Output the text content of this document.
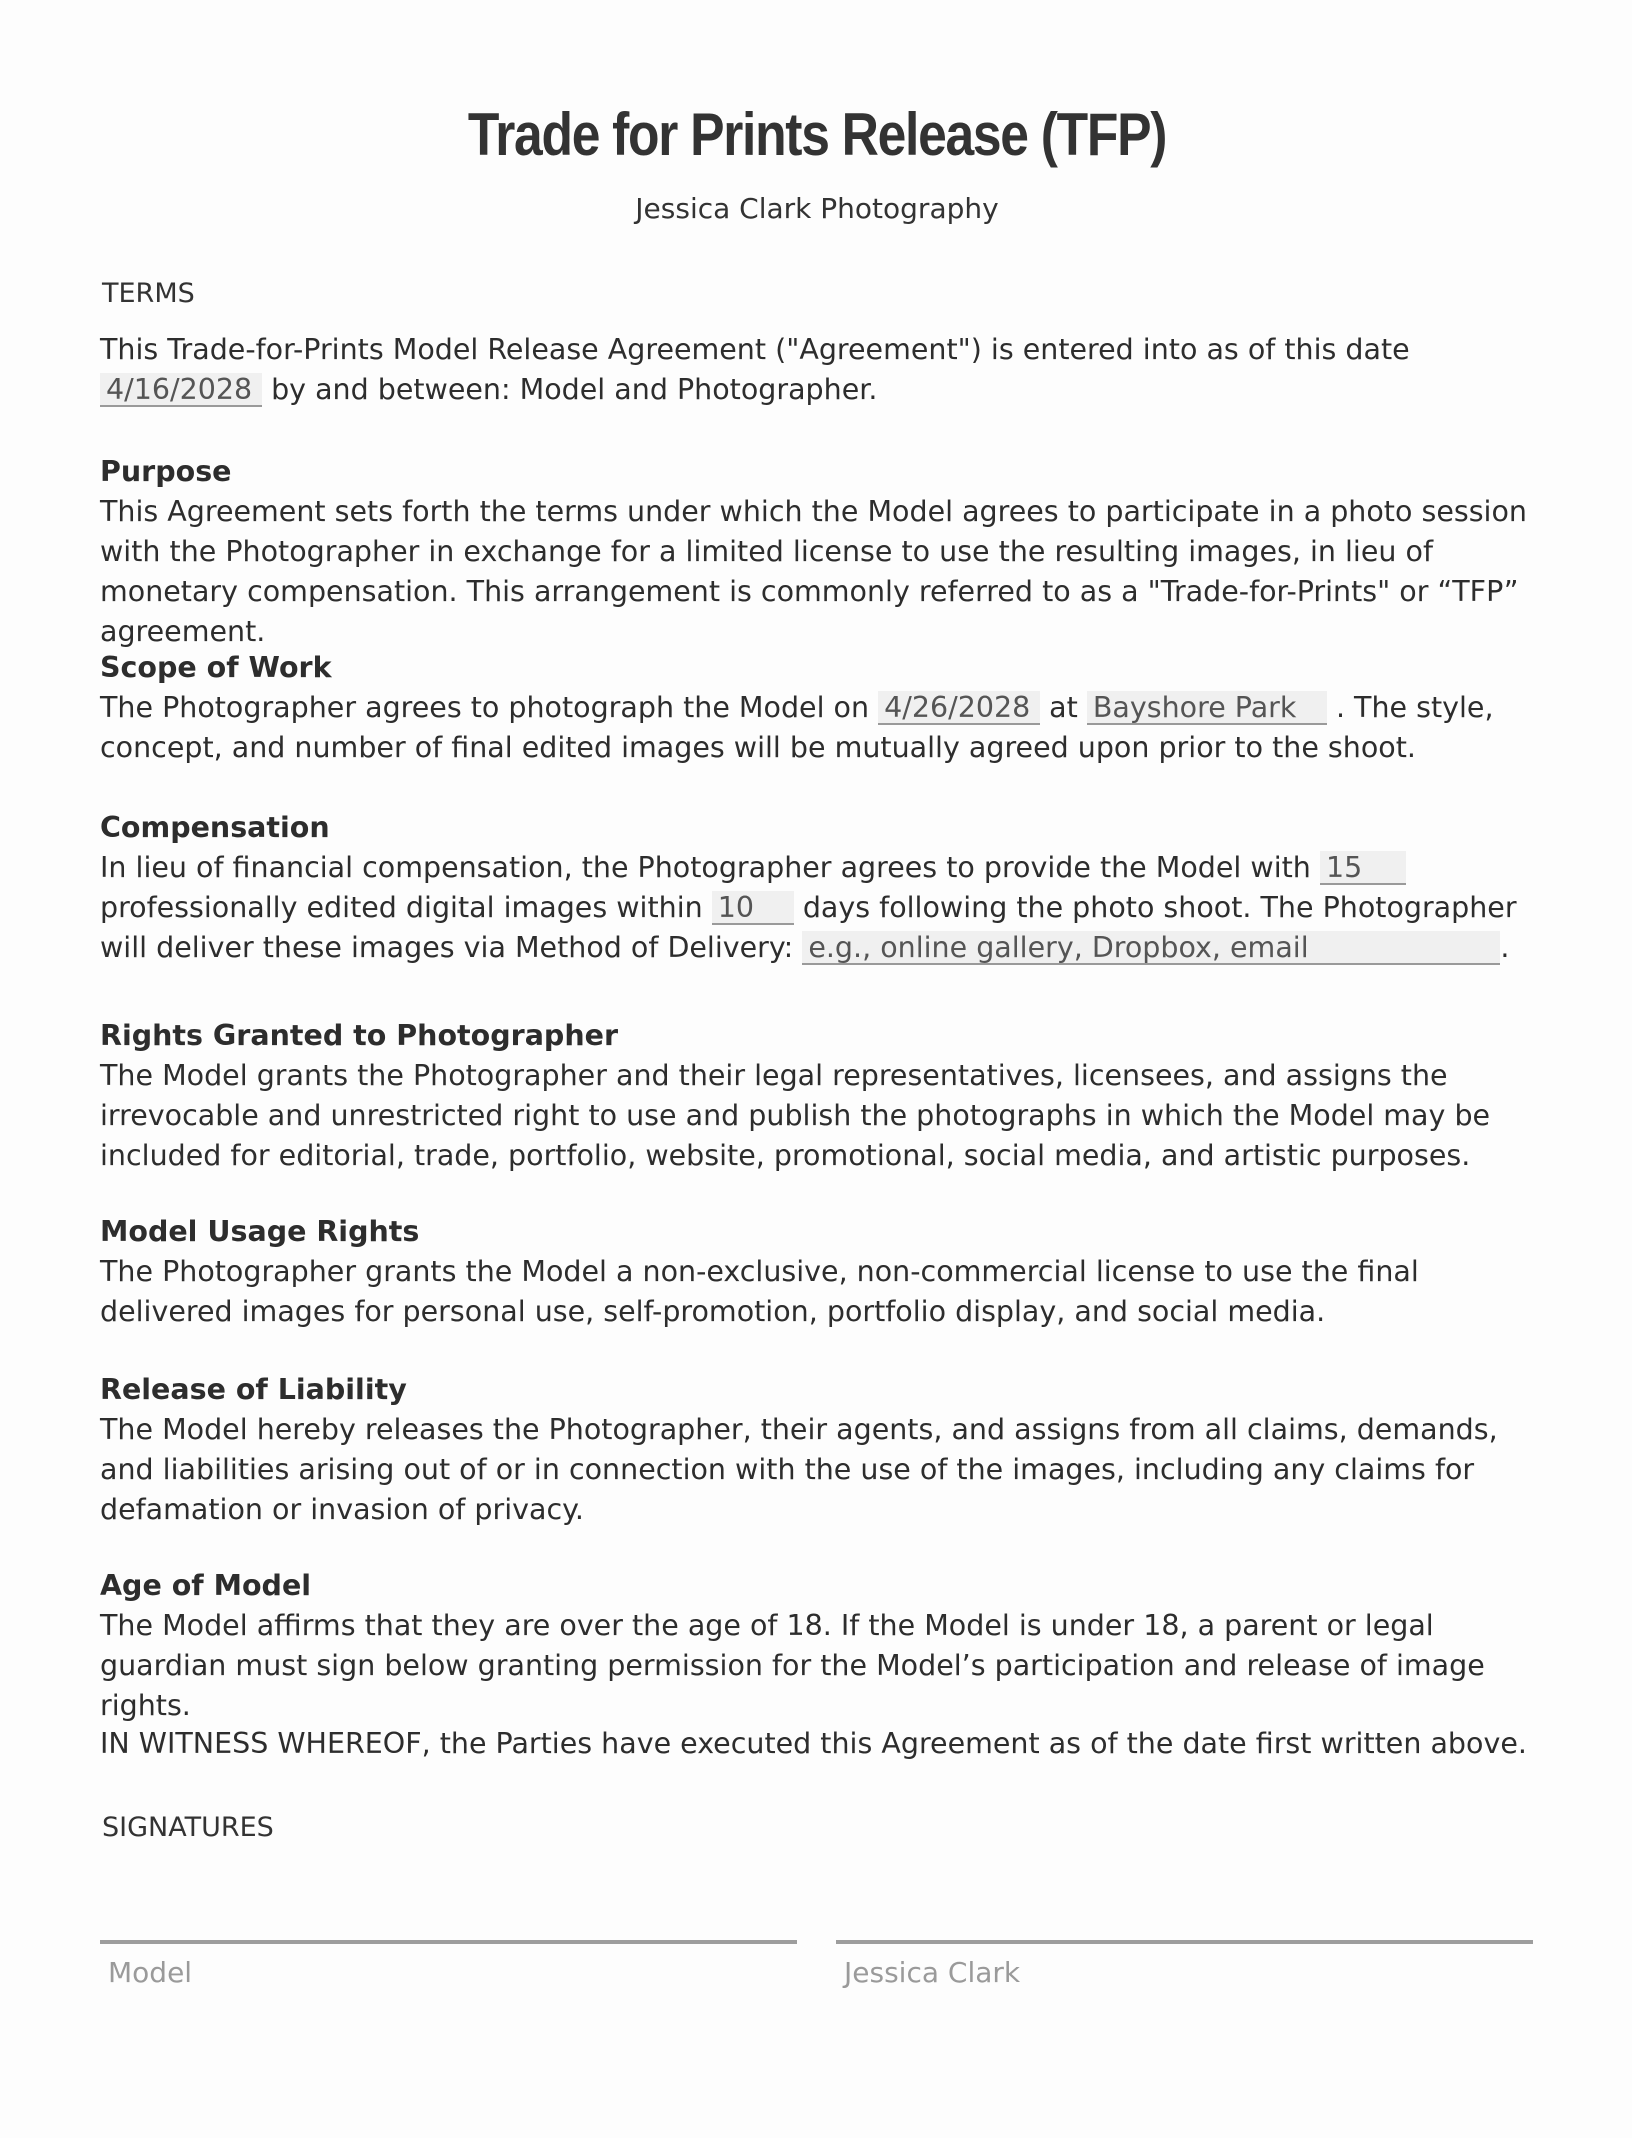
Trade for Prints Release (TFP)
Jessica Clark Photography
TERMS
This Trade-for-Prints Model Release Agreement ("Agreement") is entered into as of this date 4/16/2028 by and between: Model and Photographer.
Purpose
This Agreement sets forth the terms under which the Model agrees to participate in a photo session with the Photographer in exchange for a limited license to use the resulting images, in lieu of monetary compensation. This arrangement is commonly referred to as a "Trade-for-Prints" or “TFP” agreement.
Scope of Work
The Photographer agrees to photograph the Model on 4/26/2028 at Bayshore Park . The style, concept, and number of final edited images will be mutually agreed upon prior to the shoot.
Compensation
In lieu of financial compensation, the Photographer agrees to provide the Model with 15 professionally edited digital images within 10 days following the photo shoot. The Photographer will deliver these images via Method of Delivery: e.g., online gallery, Dropbox, email	.
Rights Granted to Photographer
The Model grants the Photographer and their legal representatives, licensees, and assigns the irrevocable and unrestricted right to use and publish the photographs in which the Model may be included for editorial, trade, portfolio, website, promotional, social media, and artistic purposes.
Model Usage Rights
The Photographer grants the Model a non-exclusive, non-commercial license to use the final delivered images for personal use, self-promotion, portfolio display, and social media.
Release of Liability
The Model hereby releases the Photographer, their agents, and assigns from all claims, demands, and liabilities arising out of or in connection with the use of the images, including any claims for defamation or invasion of privacy.
Age of Model
The Model affirms that they are over the age of 18. If the Model is under 18, a parent or legal guardian must sign below granting permission for the Model’s participation and release of image rights.
IN WITNESS WHEREOF, the Parties have executed this Agreement as of the date first written above.
SIGNATURES
Model	Jessica Clark
